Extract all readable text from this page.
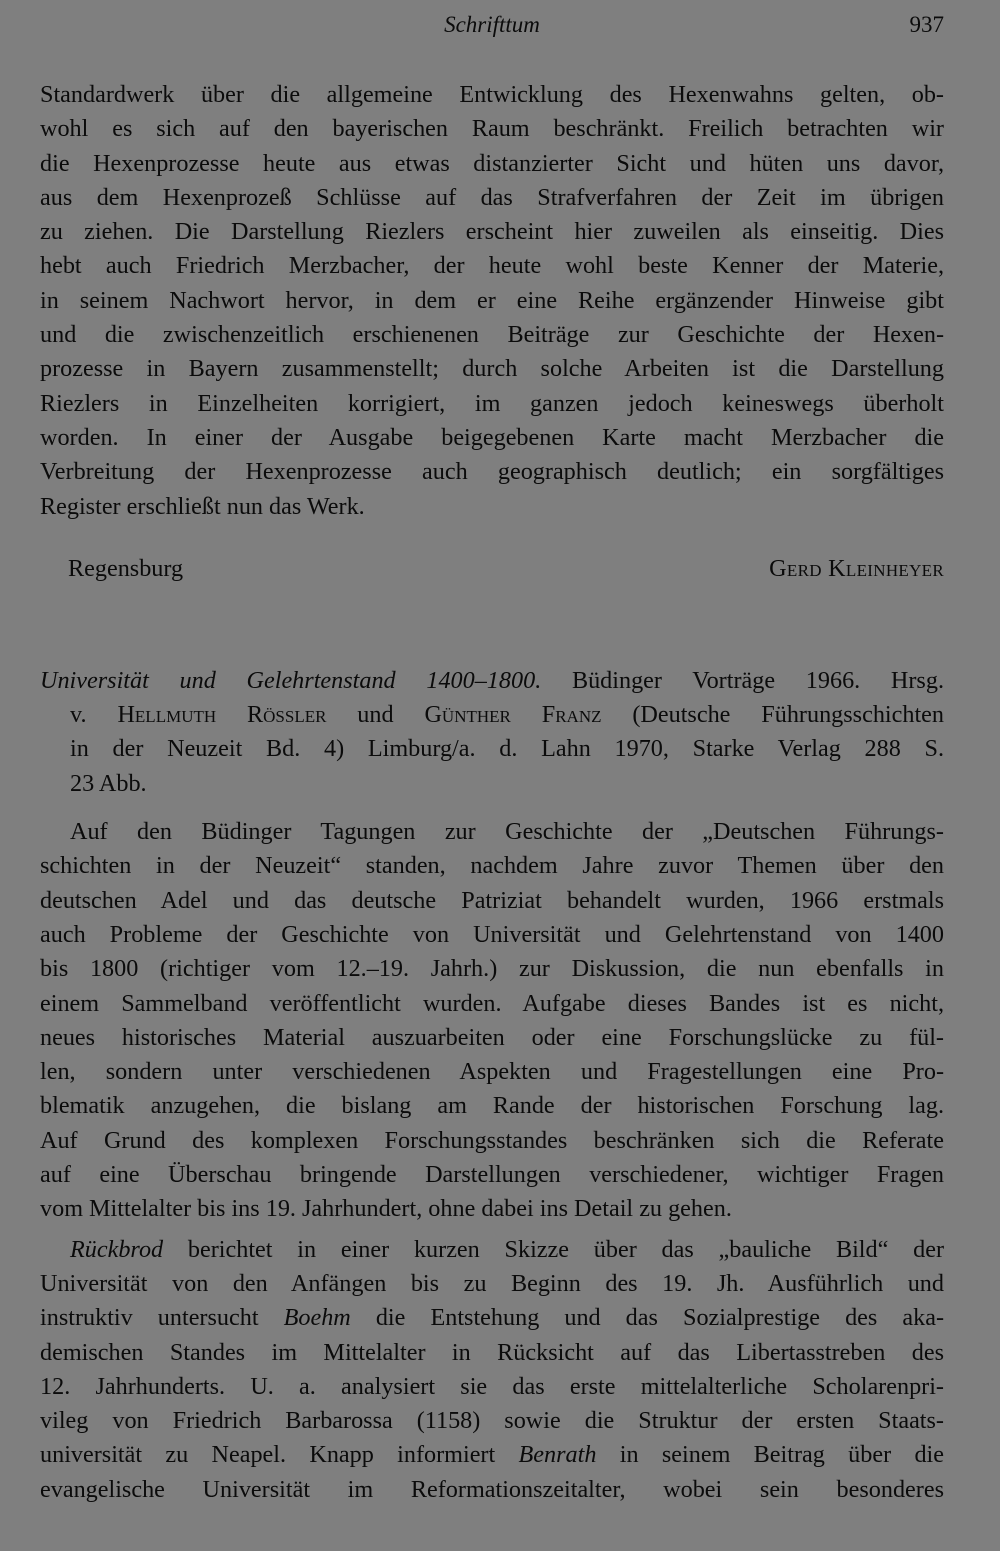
Schrifttum	937

Standardwerk über die allgemeine Entwicklung des Hexenwahns gelten, ob-
wohl es sich auf den bayerischen Raum beschränkt. Freilich betrachten wir
die Hexenprozesse heute aus etwas distanzierter Sicht und hüten uns davor,
aus dem Hexenprozeß Schlüsse auf das Strafverfahren der Zeit im übrigen
zu ziehen. Die Darstellung Riezlers erscheint hier zuweilen als einseitig. Dies
hebt auch Friedrich Merzbacher, der heute wohl beste Kenner der Materie,
in seinem Nachwort hervor, in dem er eine Reihe ergänzender Hinweise gibt
und die zwischenzeitlich erschienenen Beiträge zur Geschichte der Hexen-
prozesse in Bayern zusammenstellt; durch solche Arbeiten ist die Darstellung
Riezlers in Einzelheiten korrigiert, im ganzen jedoch keineswegs überholt
worden. In einer der Ausgabe beigegebenen Karte macht Merzbacher die
Verbreitung der Hexenprozesse auch geographisch deutlich; ein sorgfältiges
Register erschließt nun das Werk.

Regensburg	Gerd Kleinheyer
Universität und Gelehrtenstand 1400–1800. Büdinger Vorträge 1966. Hrsg.
v. Hellmuth Rössler und Günther Franz (Deutsche Führungsschichten
in der Neuzeit Bd. 4) Limburg/a. d. Lahn 1970, Starke Verlag 288 S.
23 Abb.

Auf den Büdinger Tagungen zur Geschichte der „Deutschen Führungs-
schichten in der Neuzeit“ standen, nachdem Jahre zuvor Themen über den
deutschen Adel und das deutsche Patriziat behandelt wurden, 1966 erstmals
auch Probleme der Geschichte von Universität und Gelehrtenstand von 1400
bis 1800 (richtiger vom 12.–19. Jahrh.) zur Diskussion, die nun ebenfalls in
einem Sammelband veröffentlicht wurden. Aufgabe dieses Bandes ist es nicht,
neues historisches Material auszuarbeiten oder eine Forschungslücke zu fül-
len, sondern unter verschiedenen Aspekten und Fragestellungen eine Pro-
blematik anzugehen, die bislang am Rande der historischen Forschung lag.
Auf Grund des komplexen Forschungsstandes beschränken sich die Referate
auf eine Überschau bringende Darstellungen verschiedener, wichtiger Fragen
vom Mittelalter bis ins 19. Jahrhundert, ohne dabei ins Detail zu gehen.

Rückbrod berichtet in einer kurzen Skizze über das „bauliche Bild“ der
Universität von den Anfängen bis zu Beginn des 19. Jh. Ausführlich und
instruktiv untersucht Boehm die Entstehung und das Sozialprestige des aka-
demischen Standes im Mittelalter in Rücksicht auf das Libertasstreben des
12. Jahrhunderts. U. a. analysiert sie das erste mittelalterliche Scholarenpri-
vileg von Friedrich Barbarossa (1158) sowie die Struktur der ersten Staats-
universität zu Neapel. Knapp informiert Benrath in seinem Beitrag über die
evangelische Universität im Reformationszeitalter, wobei sein besonderes
